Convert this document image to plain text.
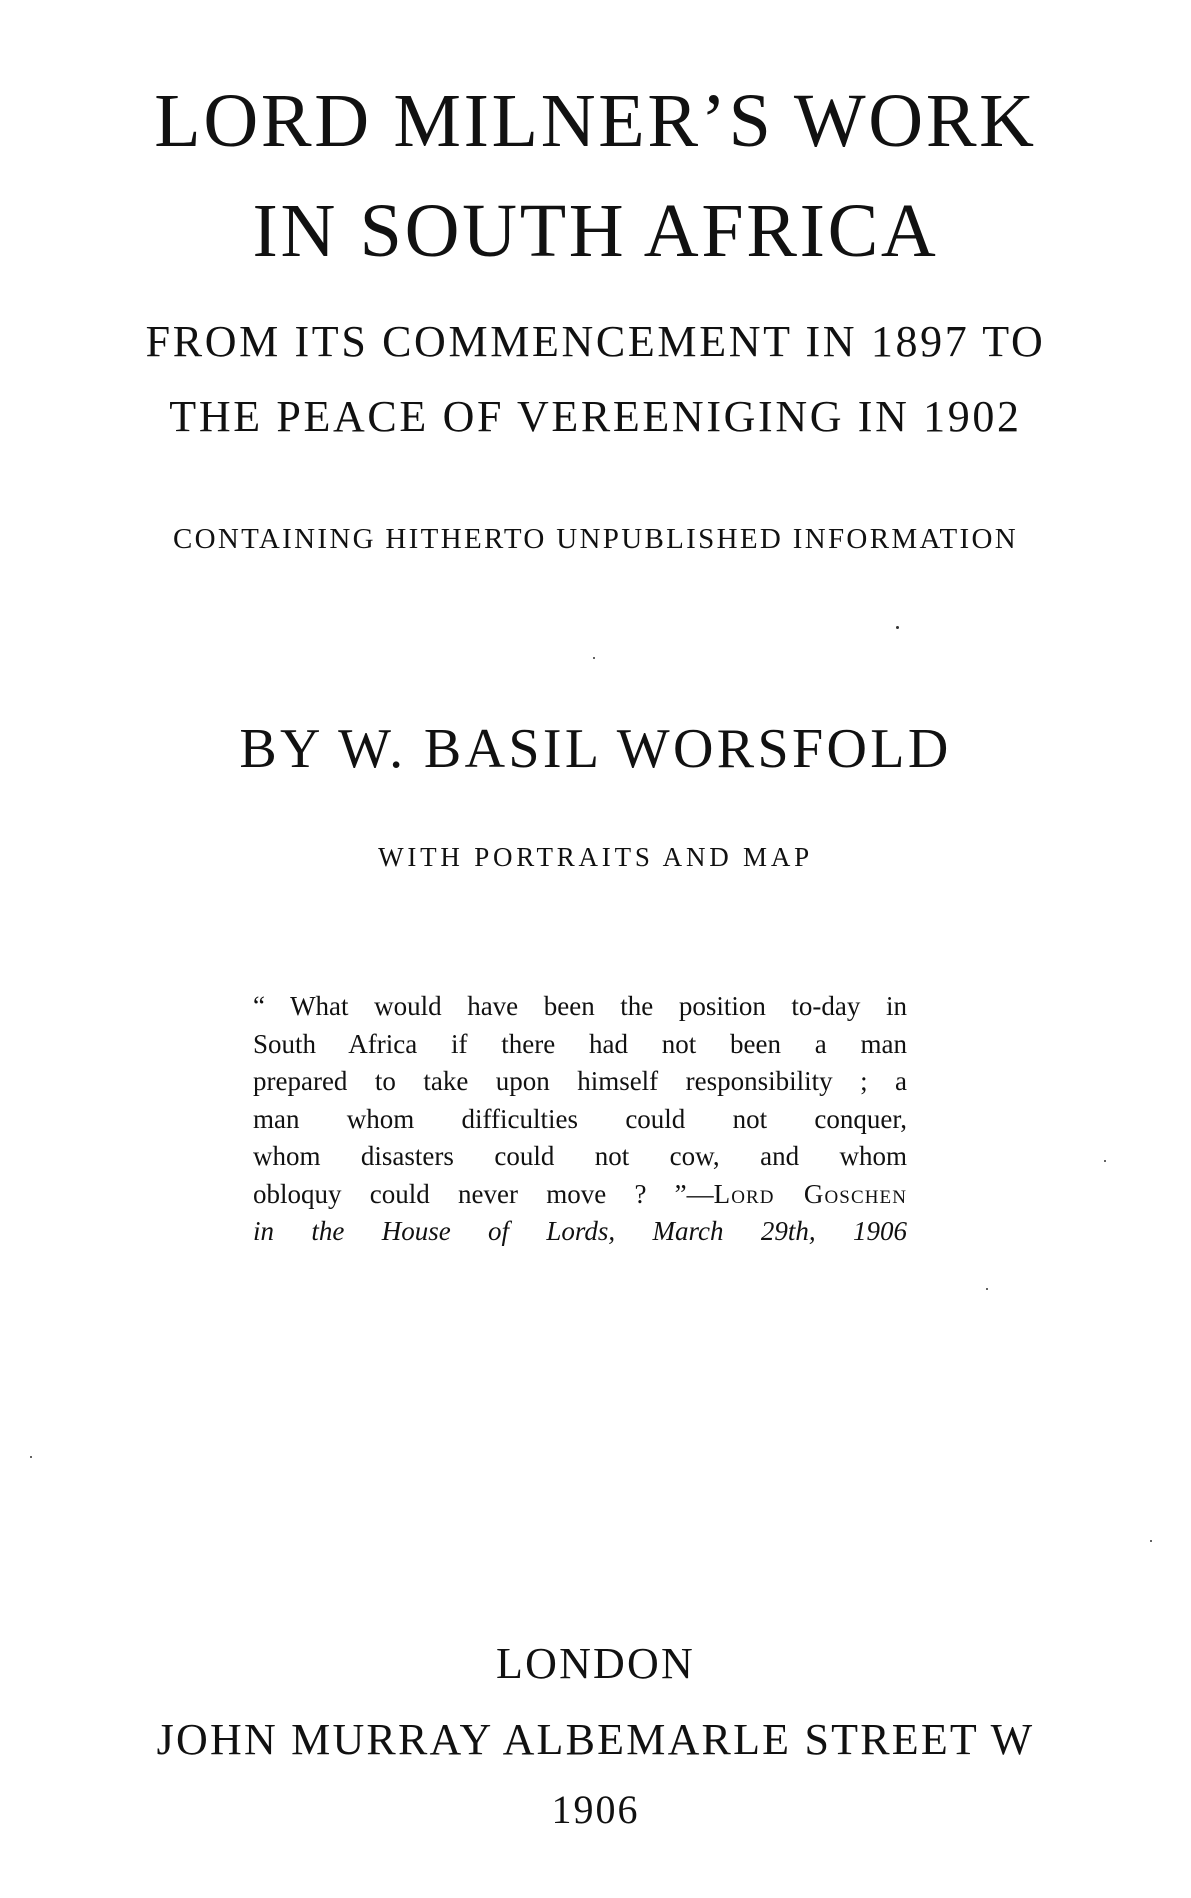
LORD MILNER’S WORK
IN SOUTH AFRICA
FROM ITS COMMENCEMENT IN 1897 TO
THE PEACE OF VEREENIGING IN 1902
CONTAINING HITHERTO UNPUBLISHED INFORMATION
BY W. BASIL WORSFOLD
WITH PORTRAITS AND MAP
“ What would have been the position to-day in
South Africa if there had not been a man
prepared to take upon himself responsibility ; a
man whom difficulties could not conquer,
whom disasters could not cow, and whom
obloquy could never move ? ”—Lord Goschen
in the House of Lords, March 29th, 1906
LONDON
JOHN MURRAY ALBEMARLE STREET W
1906
